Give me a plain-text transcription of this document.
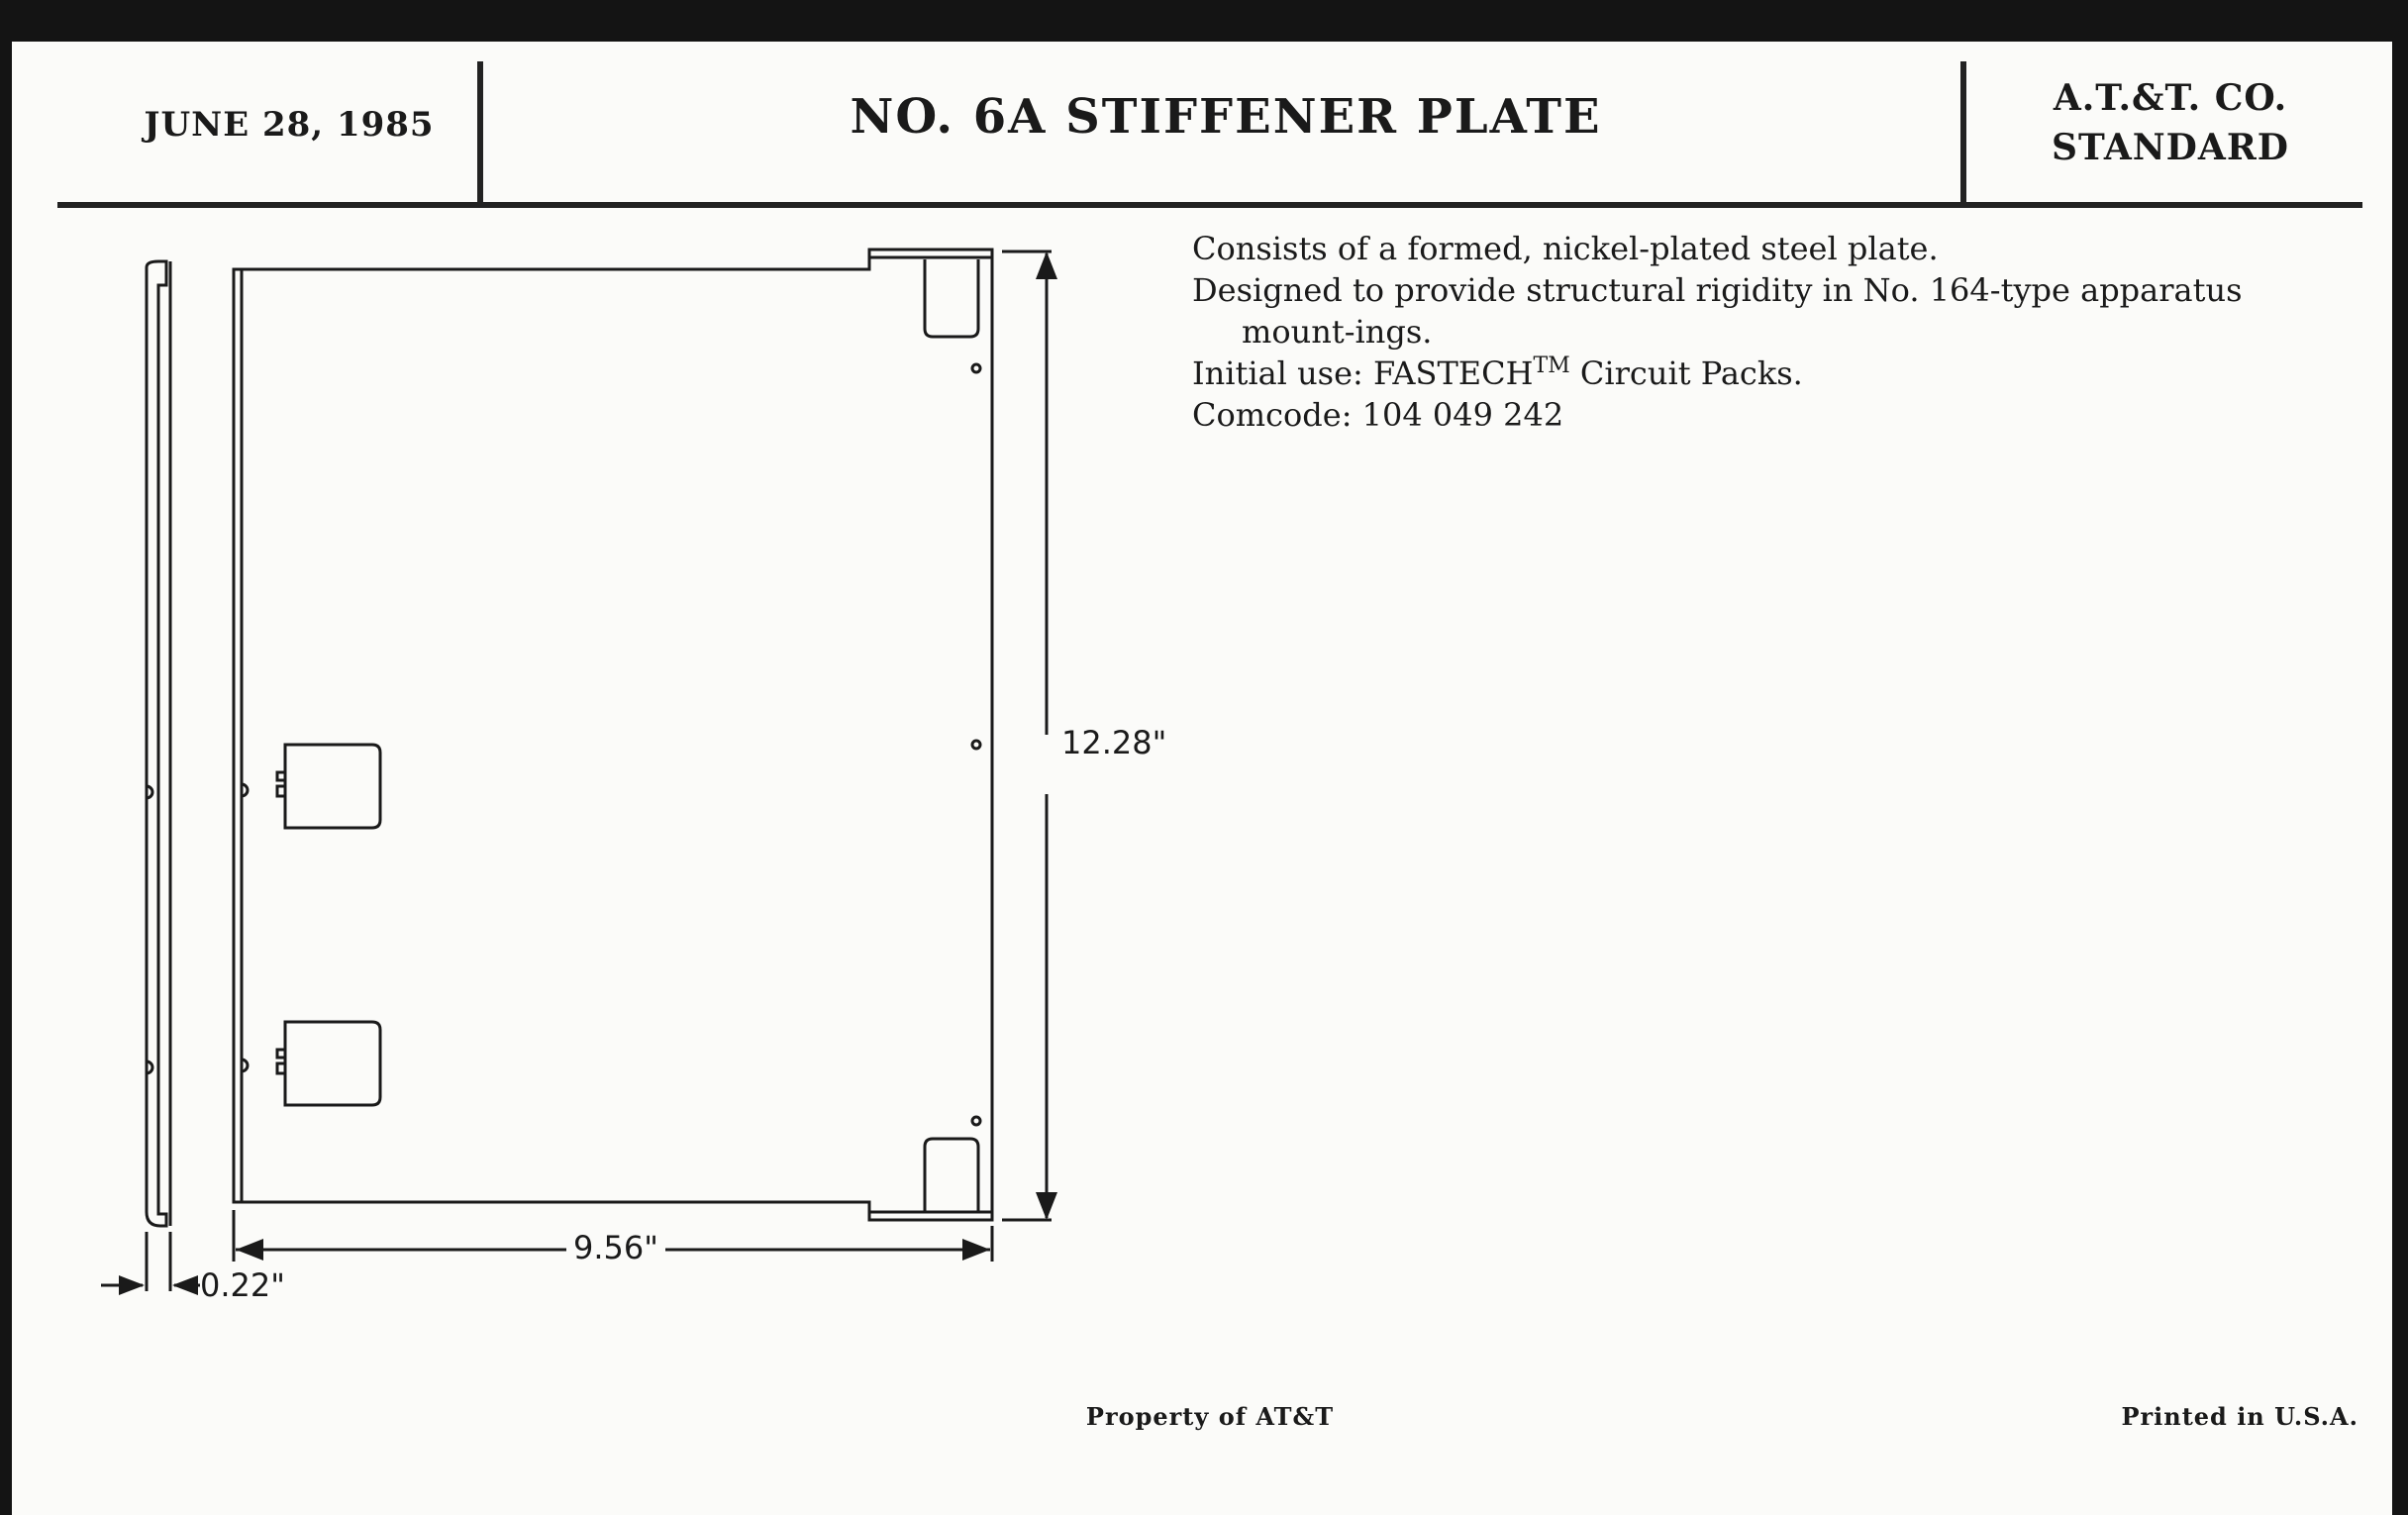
JUNE 28, 1985	NO. 6A STIFFENER PLATE	A.T.&T. CO.
STANDARD
12.28"
9.56"
0.22"

Consists of a formed, nickel-plated steel plate.

Designed to provide structural rigidity in No. 164-type apparatus mount-ings.

Initial use: FASTECH™ Circuit Packs.

Comcode: 104 049 242

Property of AT&T	Printed in U.S.A.
